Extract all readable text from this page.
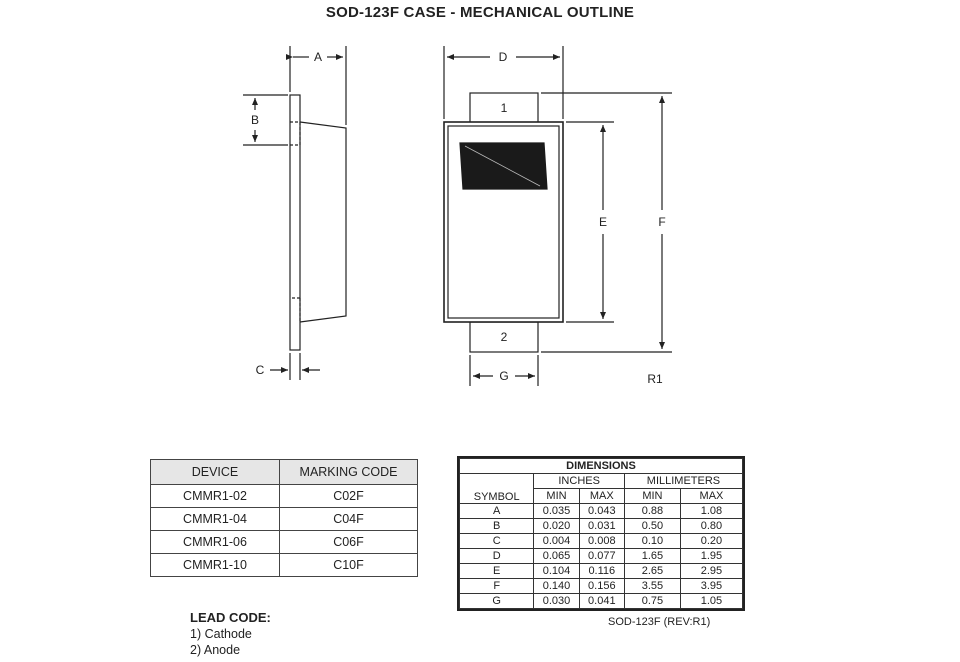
SOD-123F CASE - MECHANICAL OUTLINE
A
B
C
D
E	F
G
1
2
R1
DEVICE	MARKING CODE
CMMR1-02	C02F
CMMR1-04	C04F
CMMR1-06	C06F
CMMR1-10	C10F
DIMENSIONS				
SYMBOL	INCHES		MILLIMETERS	
	MIN	MAX	MIN	MAX
A	0.035	0.043	0.88	1.08
B	0.020	0.031	0.50	0.80
C	0.004	0.008	0.10	0.20
D	0.065	0.077	1.65	1.95
E	0.104	0.116	2.65	2.95
F	0.140	0.156	3.55	3.95
G	0.030	0.041	0.75	1.05
SOD-123F (REV:R1)
LEAD CODE:
1) Cathode
2) Anode
